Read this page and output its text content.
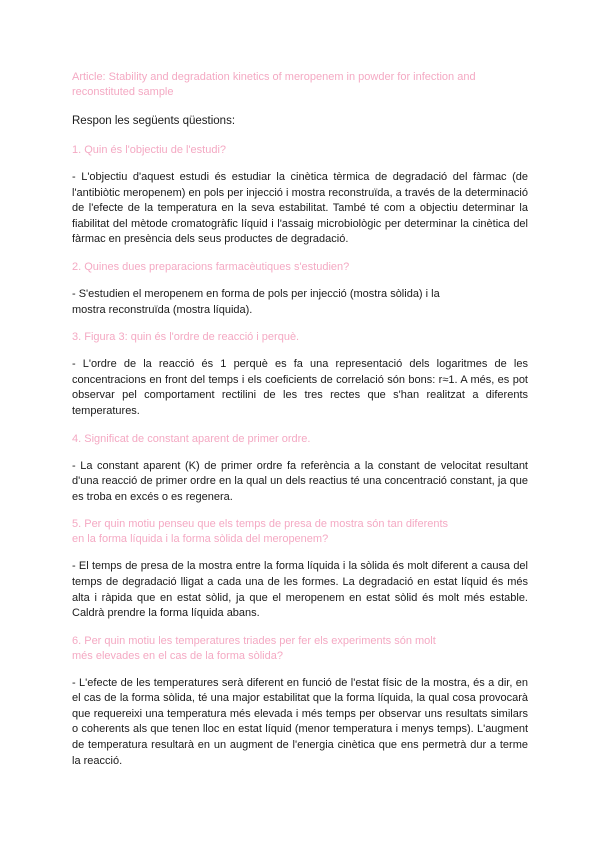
Article: Stability and degradation kinetics of meropenem in powder for infection and reconstituted sample

Respon les següents qüestions:

1. Quin és l'objectiu de l'estudi?

- L'objectiu d'aquest estudi és estudiar la cinètica tèrmica de degradació del fàrmac (de l'antibiòtic meropenem) en pols per injecció i mostra reconstruïda, a través de la determinació de l'efecte de la temperatura en la seva estabilitat. També té com a objectiu determinar la fiabilitat del mètode cromatogràfic líquid i l'assaig microbiològic per determinar la cinètica del fàrmac en presència dels seus productes de degradació.

2. Quines dues preparacions farmacèutiques s'estudien?

- S'estudien el meropenem en forma de pols per injecció (mostra sòlida) i la mostra reconstruïda (mostra líquida).

3. Figura 3: quin és l'ordre de reacció i perquè.

- L'ordre de la reacció és 1 perquè es fa una representació dels logaritmes de les concentracions en front del temps i els coeficients de correlació són bons: r≈1. A més, es pot observar pel comportament rectilini de les tres rectes que s'han realitzat a diferents temperatures.

4. Significat de constant aparent de primer ordre.

- La constant aparent (K) de primer ordre fa referència a la constant de velocitat resultant d'una reacció de primer ordre en la qual un dels reactius té una concentració constant, ja que es troba en excés o es regenera.

5. Per quin motiu penseu que els temps de presa de mostra són tan diferents en la forma líquida i la forma sòlida del meropenem?

- El temps de presa de la mostra entre la forma líquida i la sòlida és molt diferent a causa del temps de degradació lligat a cada una de les formes. La degradació en estat líquid és més alta i ràpida que en estat sòlid, ja que el meropenem en estat sòlid és molt més estable. Caldrà prendre la forma líquida abans.

6. Per quin motiu les temperatures triades per fer els experiments són molt més elevades en el cas de la forma sòlida?

- L'efecte de les temperatures serà diferent en funció de l'estat físic de la mostra, és a dir, en el cas de la forma sòlida, té una major estabilitat que la forma líquida, la qual cosa provocarà que requereixi una temperatura més elevada i més temps per observar uns resultats similars o coherents als que tenen lloc en estat líquid (menor temperatura i menys temps). L'augment de temperatura resultarà en un augment de l'energia cinètica que ens permetrà dur a terme la reacció.
